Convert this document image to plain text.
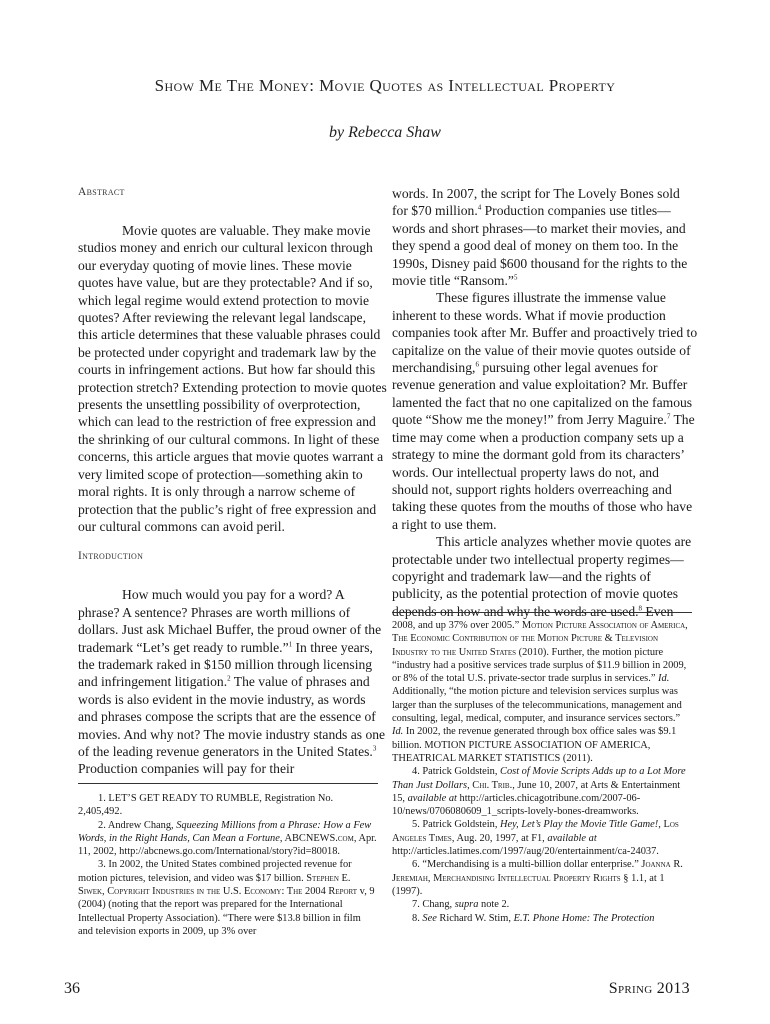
Show Me The Money: Movie Quotes as Intellectual Property
by Rebecca Shaw
Abstract

Movie quotes are valuable. They make movie studios money and enrich our cultural lexicon through our everyday quoting of movie lines. These movie quotes have value, but are they protectable? And if so, which legal regime would extend protection to movie quotes? After reviewing the relevant legal landscape, this article determines that these valuable phrases could be protected under copyright and trademark law by the courts in infringement actions. But how far should this protection stretch? Extending protection to movie quotes presents the unsettling possibility of overprotection, which can lead to the restriction of free expression and the shrinking of our cultural commons. In light of these concerns, this article argues that movie quotes warrant a very limited scope of protection—something akin to moral rights. It is only through a narrow scheme of protection that the public’s right of free expression and our cultural commons can avoid peril.

Introduction

How much would you pay for a word? A phrase? A sentence? Phrases are worth millions of dollars. Just ask Michael Buffer, the proud owner of the trademark “Let’s get ready to rumble.”$^1$ In three years, the trademark raked in $150 million through licensing and infringement litigation.$^2$ The value of phrases and words is also evident in the movie industry, as words and phrases compose the scripts that are the essence of movies. And why not? The movie industry stands as one of the leading revenue generators in the United States.$^3$ Production companies will pay for their

words. In 2007, the script for The Lovely Bones sold for $70 million.$^4$ Production companies use titles—words and short phrases—to market their movies, and they spend a good deal of money on them too. In the 1990s, Disney paid $600 thousand for the rights to the movie title “Ransom.”$^5$

These figures illustrate the immense value inherent to these words. What if movie production companies took after Mr. Buffer and proactively tried to capitalize on the value of their movie quotes outside of merchandising,$^6$ pursuing other legal avenues for revenue generation and value exploitation? Mr. Buffer lamented the fact that no one capitalized on the famous quote “Show me the money!” from Jerry Maguire.$^7$ The time may come when a production company sets up a strategy to mine the dormant gold from its characters’ words. Our intellectual property laws do not, and should not, support rights holders overreaching and taking these quotes from the mouths of those who have a right to use them.

This article analyzes whether movie quotes are protectable under two intellectual property regimes—copyright and trademark law—and the rights of publicity, as the potential protection of movie quotes depends on how and why the words are used.$^8$ Even

1. LET’S GET READY TO RUMBLE, Registration No. 2,405,492.

2. Andrew Chang, Squeezing Millions from a Phrase: How a Few Words, in the Right Hands, Can Mean a Fortune, ABCNEWS.com, Apr. 11, 2002, http://abcnews.go.com/International/story?id=80018.

3. In 2002, the United States combined projected revenue for motion pictures, television, and video was $17 billion. Stephen E. Siwek, Copyright Industries in the U.S. Economy: The 2004 Report v, 9 (2004) (noting that the report was prepared for the International Intellectual Property Association). “There were $13.8 billion in film and television exports in 2009, up 3% over

2008, and up 37% over 2005.” Motion Picture Association of America, The Economic Contribution of the Motion Picture & Television Industry to the United States (2010). Further, the motion picture “industry had a positive services trade surplus of $11.9 billion in 2009, or 8% of the total U.S. private-sector trade surplus in services.” Id. Additionally, “the motion picture and television services surplus was larger than the surpluses of the telecommunications, management and consulting, legal, medical, computer, and insurance services sectors.” Id. In 2002, the revenue generated through box office sales was $9.1 billion. MOTION PICTURE ASSOCIATION OF AMERICA, THEATRICAL MARKET STATISTICS (2011).

4. Patrick Goldstein, Cost of Movie Scripts Adds up to a Lot More Than Just Dollars, Chi. Trib., June 10, 2007, at Arts & Entertainment 15, available at http://articles.chicagotribune.com/2007-06-10/news/0706080609_1_scripts-lovely-bones-dreamworks.

5. Patrick Goldstein, Hey, Let’s Play the Movie Title Game!, Los Angeles Times, Aug. 20, 1997, at F1, available at http://articles.latimes.com/1997/aug/20/entertainment/ca-24037.

6. “Merchandising is a multi-billion dollar enterprise.” Joanna R. Jeremiah, Merchandising Intellectual Property Rights § 1.1, at 1 (1997).

7. Chang, supra note 2.

8. See Richard W. Stim, E.T. Phone Home: The Protection

36	Spring 2013
